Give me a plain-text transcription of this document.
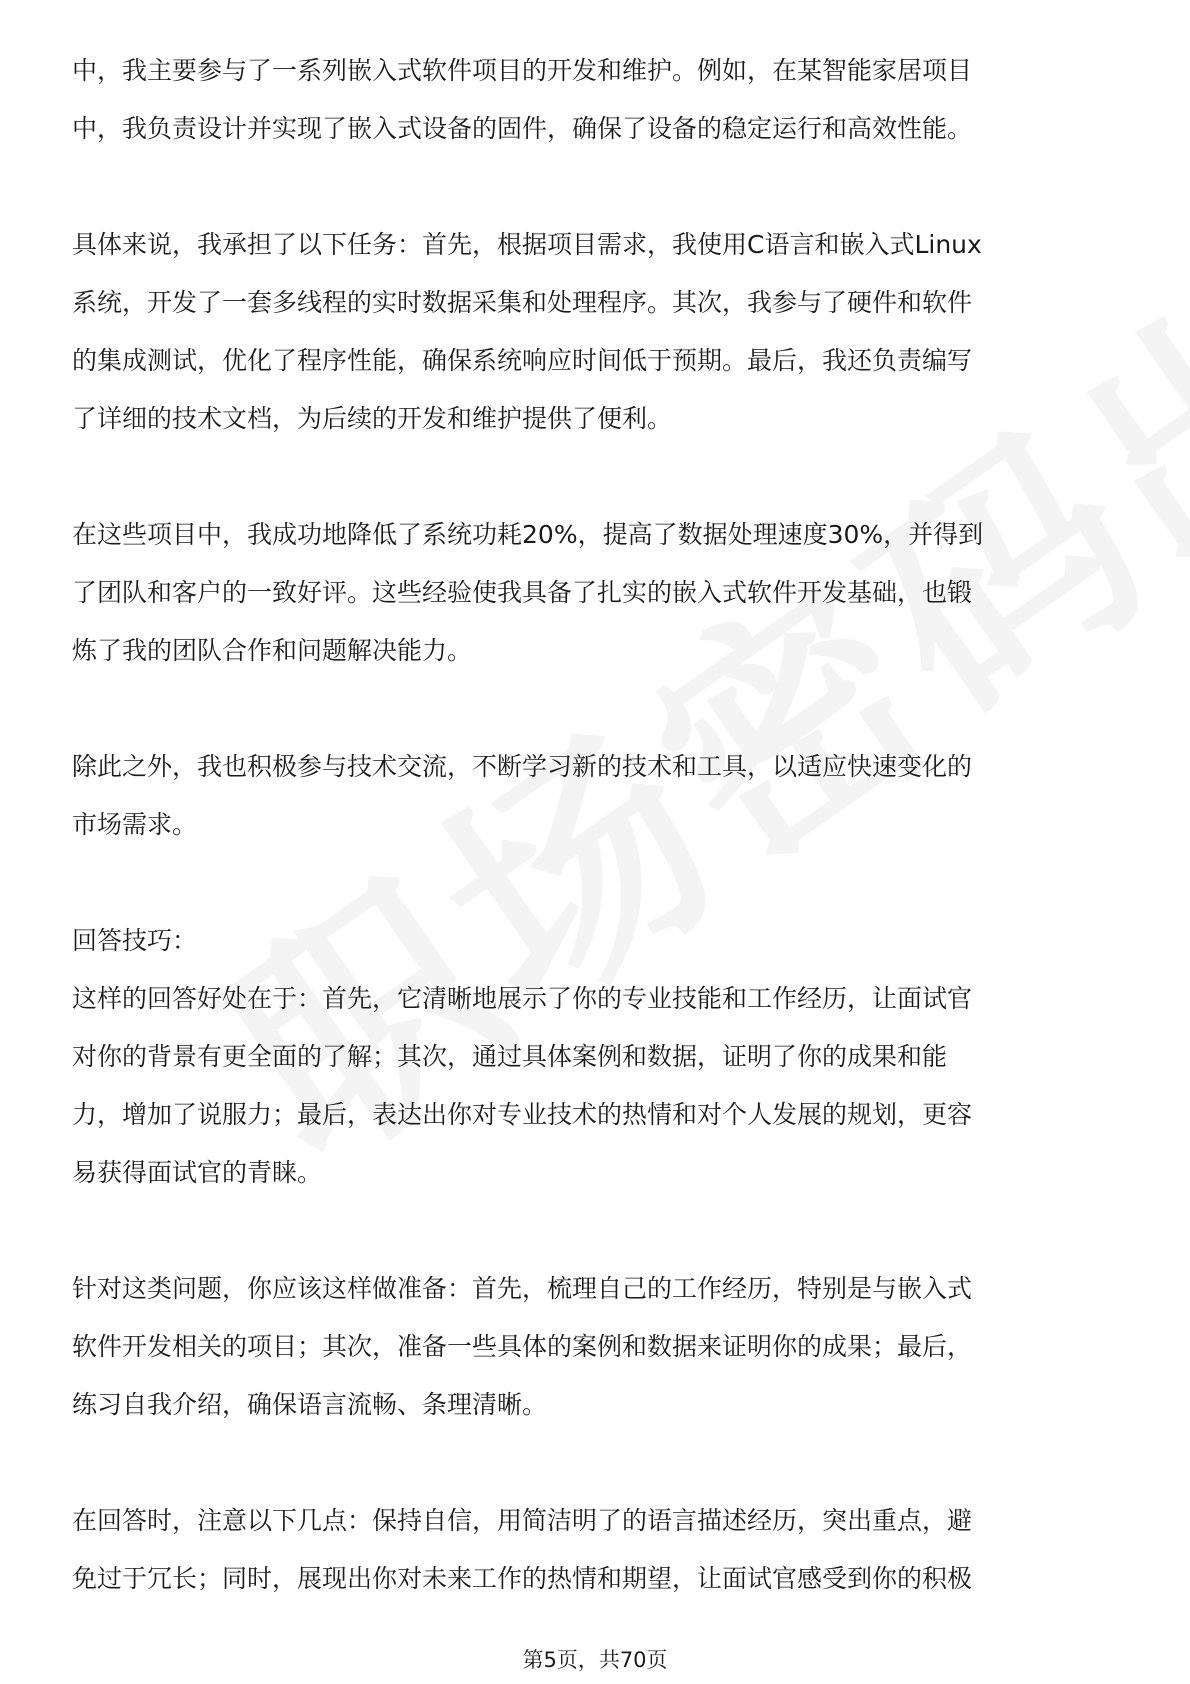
中，我主要参与了一系列嵌入式软件项目的开发和维护。例如，在某智能家居项目
中，我负责设计并实现了嵌入式设备的固件，确保了设备的稳定运行和高效性能。
具体来说，我承担了以下任务：首先，根据项目需求，我使用C语言和嵌入式Linux
系统，开发了一套多线程的实时数据采集和处理程序。其次，我参与了硬件和软件
的集成测试，优化了程序性能，确保系统响应时间低于预期。最后，我还负责编写
了详细的技术文档，为后续的开发和维护提供了便利。
在这些项目中，我成功地降低了系统功耗20%，提高了数据处理速度30%，并得到
了团队和客户的一致好评。这些经验使我具备了扎实的嵌入式软件开发基础，也锻
炼了我的团队合作和问题解决能力。
除此之外，我也积极参与技术交流，不断学习新的技术和工具，以适应快速变化的
市场需求。
回答技巧：
这样的回答好处在于：首先，它清晰地展示了你的专业技能和工作经历，让面试官
对你的背景有更全面的了解；其次，通过具体案例和数据，证明了你的成果和能
力，增加了说服力；最后，表达出你对专业技术的热情和对个人发展的规划，更容
易获得面试官的青睐。
针对这类问题，你应该这样做准备：首先，梳理自己的工作经历，特别是与嵌入式
软件开发相关的项目；其次，准备一些具体的案例和数据来证明你的成果；最后，
练习自我介绍，确保语言流畅、条理清晰。
在回答时，注意以下几点：保持自信，用简洁明了的语言描述经历，突出重点，避
免过于冗长；同时，展现出你对未来工作的热情和期望，让面试官感受到你的积极
第5页，共70页
